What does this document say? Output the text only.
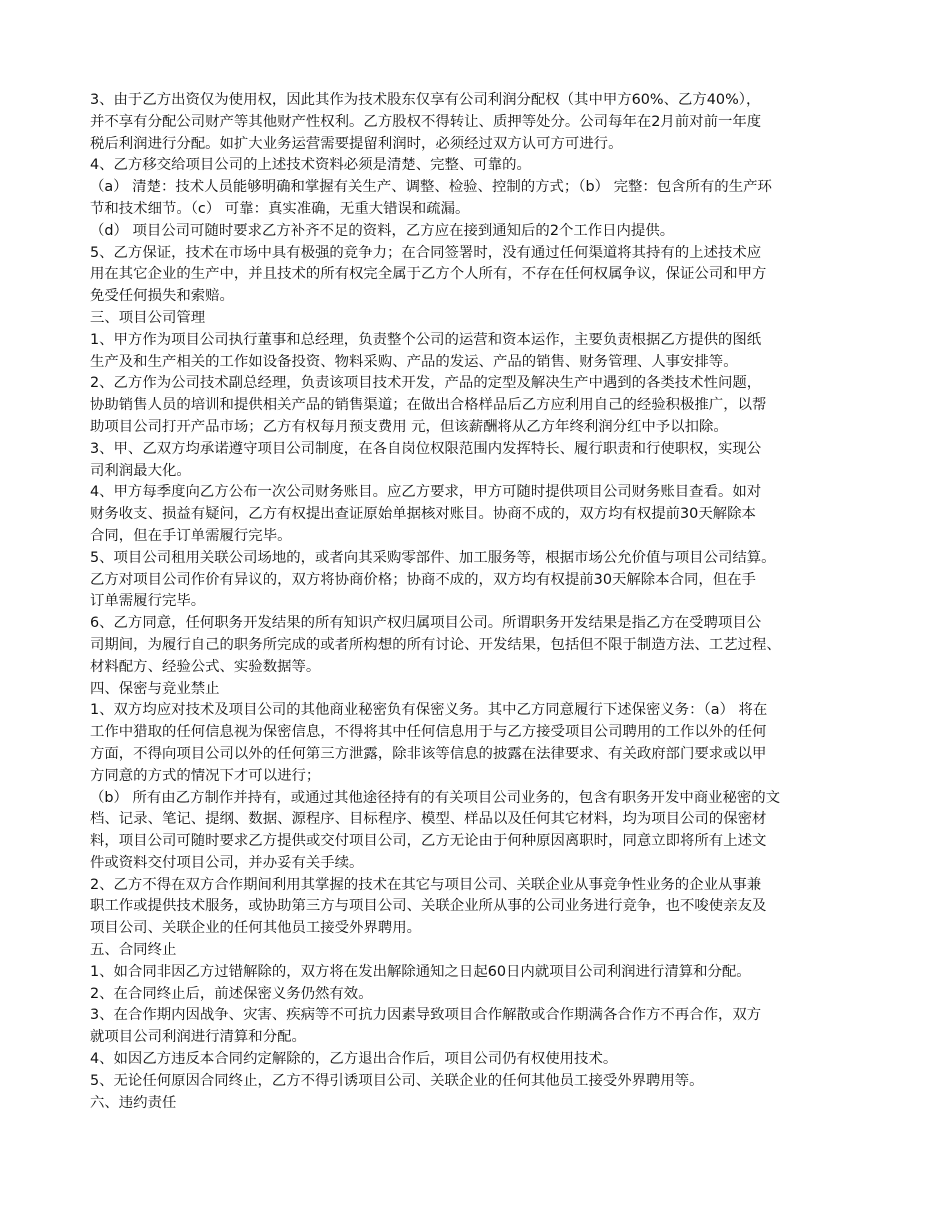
3、由于乙方出资仅为使用权，因此其作为技术股东仅享有公司利润分配权（其中甲方60%、乙方40%），
并不享有分配公司财产等其他财产性权利。乙方股权不得转让、质押等处分。公司每年在2月前对前一年度
税后利润进行分配。如扩大业务运营需要提留利润时，必须经过双方认可方可进行。
4、乙方移交给项目公司的上述技术资料必须是清楚、完整、可靠的。
（a） 清楚：技术人员能够明确和掌握有关生产、调整、检验、控制的方式；（b） 完整：包含所有的生产环
节和技术细节。（c） 可靠：真实准确，无重大错误和疏漏。
（d） 项目公司可随时要求乙方补齐不足的资料，乙方应在接到通知后的2个工作日内提供。
5、乙方保证，技术在市场中具有极强的竞争力；在合同签署时，没有通过任何渠道将其持有的上述技术应
用在其它企业的生产中，并且技术的所有权完全属于乙方个人所有，不存在任何权属争议，保证公司和甲方
免受任何损失和索赔。
三、项目公司管理
1、甲方作为项目公司执行董事和总经理，负责整个公司的运营和资本运作，主要负责根据乙方提供的图纸
生产及和生产相关的工作如设备投资、物料采购、产品的发运、产品的销售、财务管理、人事安排等。
2、乙方作为公司技术副总经理，负责该项目技术开发，产品的定型及解决生产中遇到的各类技术性问题，
协助销售人员的培训和提供相关产品的销售渠道；在做出合格样品后乙方应利用自己的经验积极推广，以帮
助项目公司打开产品市场；乙方有权每月预支费用 元，但该薪酬将从乙方年终利润分红中予以扣除。
3、甲、乙双方均承诺遵守项目公司制度，在各自岗位权限范围内发挥特长、履行职责和行使职权，实现公
司利润最大化。
4、甲方每季度向乙方公布一次公司财务账目。应乙方要求，甲方可随时提供项目公司财务账目查看。如对
财务收支、损益有疑问，乙方有权提出查证原始单据核对账目。协商不成的，双方均有权提前30天解除本
合同，但在手订单需履行完毕。
5、项目公司租用关联公司场地的，或者向其采购零部件、加工服务等，根据市场公允价值与项目公司结算。
乙方对项目公司作价有异议的，双方将协商价格；协商不成的，双方均有权提前30天解除本合同，但在手
订单需履行完毕。
6、乙方同意，任何职务开发结果的所有知识产权归属项目公司。所谓职务开发结果是指乙方在受聘项目公
司期间，为履行自己的职务所完成的或者所构想的所有讨论、开发结果，包括但不限于制造方法、工艺过程、
材料配方、经验公式、实验数据等。
四、保密与竞业禁止
1、双方均应对技术及项目公司的其他商业秘密负有保密义务。其中乙方同意履行下述保密义务：（a） 将在
工作中猎取的任何信息视为保密信息，不得将其中任何信息用于与乙方接受项目公司聘用的工作以外的任何
方面，不得向项目公司以外的任何第三方泄露，除非该等信息的披露在法律要求、有关政府部门要求或以甲
方同意的方式的情况下才可以进行；
（b） 所有由乙方制作并持有，或通过其他途径持有的有关项目公司业务的，包含有职务开发中商业秘密的文
档、记录、笔记、提纲、数据、源程序、目标程序、模型、样品以及任何其它材料，均为项目公司的保密材
料，项目公司可随时要求乙方提供或交付项目公司，乙方无论由于何种原因离职时，同意立即将所有上述文
件或资料交付项目公司，并办妥有关手续。
2、乙方不得在双方合作期间利用其掌握的技术在其它与项目公司、关联企业从事竞争性业务的企业从事兼
职工作或提供技术服务，或协助第三方与项目公司、关联企业所从事的公司业务进行竞争，也不唆使亲友及
项目公司、关联企业的任何其他员工接受外界聘用。
五、合同终止
1、如合同非因乙方过错解除的，双方将在发出解除通知之日起60日内就项目公司利润进行清算和分配。
2、在合同终止后，前述保密义务仍然有效。
3、在合作期内因战争、灾害、疾病等不可抗力因素导致项目合作解散或合作期满各合作方不再合作，双方
就项目公司利润进行清算和分配。
4、如因乙方违反本合同约定解除的，乙方退出合作后，项目公司仍有权使用技术。
5、无论任何原因合同终止，乙方不得引诱项目公司、关联企业的任何其他员工接受外界聘用等。
六、违约责任
